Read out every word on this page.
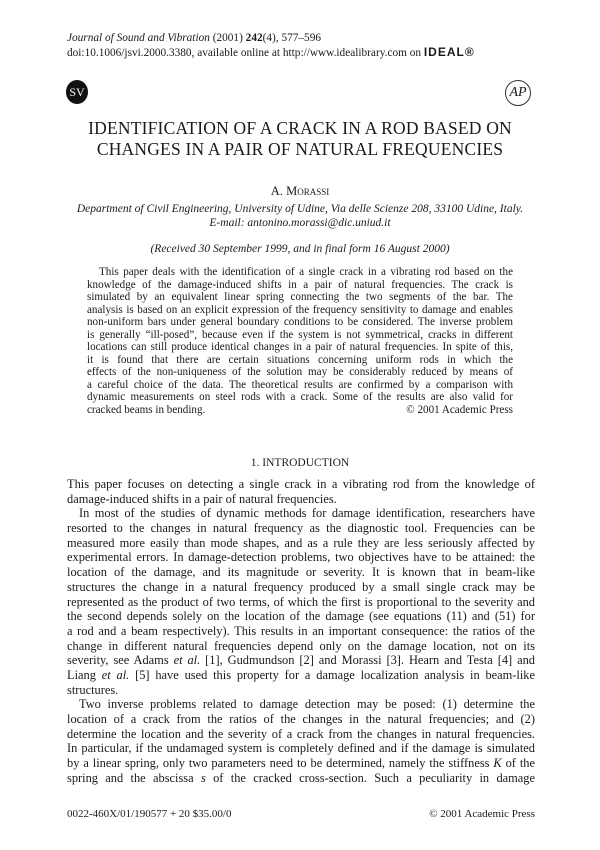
Journal of Sound and Vibration (2001) 242(4), 577–596
doi:10.1006/jsvi.2000.3380, available online at http://www.idealibrary.com on IDEAL®
SV	AP
IDENTIFICATION OF A CRACK IN A ROD BASED ON
CHANGES IN A PAIR OF NATURAL FREQUENCIES
A. Morassi
Department of Civil Engineering, University of Udine, Via delle Scienze 208, 33100 Udine, Italy.
E-mail: antonino.morassi@dic.uniud.it
(Received 30 September 1999, and in final form 16 August 2000)
This paper deals with the identification of a single crack in a vibrating rod based on the
knowledge of the damage-induced shifts in a pair of natural frequencies. The crack is
simulated by an equivalent linear spring connecting the two segments of the bar. The
analysis is based on an explicit expression of the frequency sensitivity to damage and enables
non-uniform bars under general boundary conditions to be considered. The inverse problem
is generally “ill-posed”, because even if the system is not symmetrical, cracks in different
locations can still produce identical changes in a pair of natural frequencies. In spite of this,
it is found that there are certain situations concerning uniform rods in which the
effects of the non-uniqueness of the solution may be considerably reduced by means of
a careful choice of the data. The theoretical results are confirmed by a comparison with
dynamic measurements on steel rods with a crack. Some of the results are also valid for
cracked beams in bending.	© 2001 Academic Press
1. INTRODUCTION
This paper focuses on detecting a single crack in a vibrating rod from the knowledge of
damage-induced shifts in a pair of natural frequencies.
In most of the studies of dynamic methods for damage identification, researchers have
resorted to the changes in natural frequency as the diagnostic tool. Frequencies can be
measured more easily than mode shapes, and as a rule they are less seriously affected by
experimental errors. In damage-detection problems, two objectives have to be attained: the
location of the damage, and its magnitude or severity. It is known that in beam-like
structures the change in a natural frequency produced by a small single crack may be
represented as the product of two terms, of which the first is proportional to the severity and
the second depends solely on the location of the damage (see equations (11) and (51) for
a rod and a beam respectively). This results in an important consequence: the ratios of the
change in different natural frequencies depend only on the damage location, not on its
severity, see Adams et al. [1], Gudmundson [2] and Morassi [3]. Hearn and Testa [4] and
Liang et al. [5] have used this property for a damage localization analysis in beam-like
structures.
Two inverse problems related to damage detection may be posed: (1) determine the
location of a crack from the ratios of the changes in the natural frequencies; and (2)
determine the location and the severity of a crack from the changes in natural frequencies.
In particular, if the undamaged system is completely defined and if the damage is simulated
by a linear spring, only two parameters need to be determined, namely the stiffness K of the
spring and the abscissa s of the cracked cross-section. Such a peculiarity in damage
0022-460X/01/190577 + 20 $35.00/0	© 2001 Academic Press
